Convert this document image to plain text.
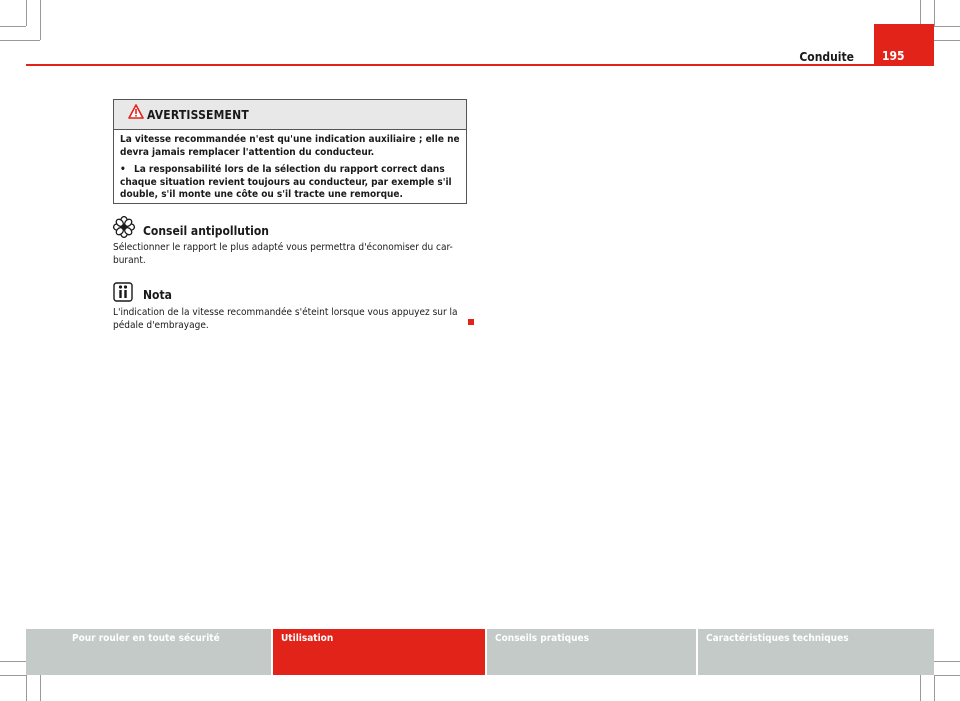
Conduite	195
AVERTISSEMENT

La vitesse recommandée n'est qu'une indication auxiliaire ; elle ne devra jamais remplacer l'attention du conducteur.

• La responsabilité lors de la sélection du rapport correct dans chaque situation revient toujours au conducteur, par exemple s'il double, s'il monte une côte ou s'il tracte une remorque.

Conseil antipollution

Sélectionner le rapport le plus adapté vous permettra d'économiser du car-burant.

Nota

L'indication de la vitesse recommandée s'éteint lorsque vous appuyez sur la pédale d'embrayage.

Pour rouler en toute sécurité	Utilisation	Conseils pratiques	Caractéristiques techniques
